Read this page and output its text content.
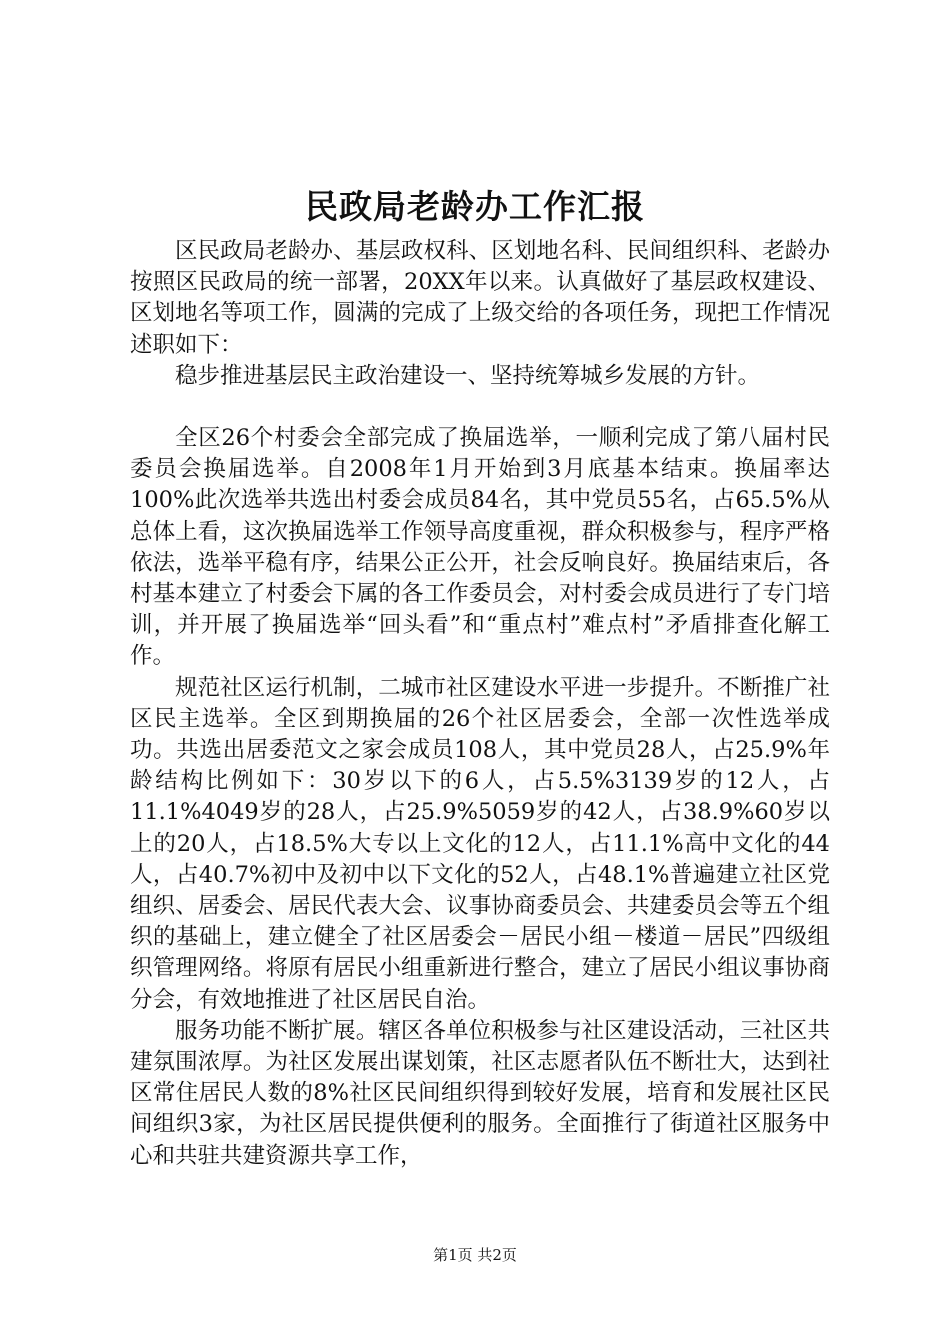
民政局老龄办工作汇报

区民政局老龄办、基层政权科、区划地名科、民间组织科、老龄办按照区民政局的统一部署，20XX年以来。认真做好了基层政权建设、区划地名等项工作，圆满的完成了上级交给的各项任务，现把工作情况述职如下：

稳步推进基层民主政治建设一、坚持统筹城乡发展的方针。

全区26个村委会全部完成了换届选举，一顺利完成了第八届村民委员会换届选举。自2008年1月开始到3月底基本结束。换届率达100%此次选举共选出村委会成员84名，其中党员55名，占65.5%从总体上看，这次换届选举工作领导高度重视，群众积极参与，程序严格依法，选举平稳有序，结果公正公开，社会反响良好。换届结束后，各村基本建立了村委会下属的各工作委员会，对村委会成员进行了专门培训，并开展了换届选举“回头看”和“重点村”难点村”矛盾排查化解工作。

规范社区运行机制，二城市社区建设水平进一步提升。不断推广社区民主选举。全区到期换届的26个社区居委会，全部一次性选举成功。共选出居委范文之家会成员108人，其中党员28人，占25.9%年龄结构比例如下：30岁以下的6人，占5.5%3139岁的12人，占11.1%4049岁的28人，占25.9%5059岁的42人，占38.9%60岁以上的20人，占18.5%大专以上文化的12人，占11.1%高中文化的44人，占40.7%初中及初中以下文化的52人，占48.1%普遍建立社区党组织、居委会、居民代表大会、议事协商委员会、共建委员会等五个组织的基础上，建立健全了社区居委会－居民小组－楼道－居民”四级组织管理网络。将原有居民小组重新进行整合，建立了居民小组议事协商分会，有效地推进了社区居民自治。

服务功能不断扩展。辖区各单位积极参与社区建设活动，三社区共建氛围浓厚。为社区发展出谋划策，社区志愿者队伍不断壮大，达到社区常住居民人数的8%社区民间组织得到较好发展，培育和发展社区民间组织3家，为社区居民提供便利的服务。全面推行了街道社区服务中心和共驻共建资源共享工作，

第1页 共2页
